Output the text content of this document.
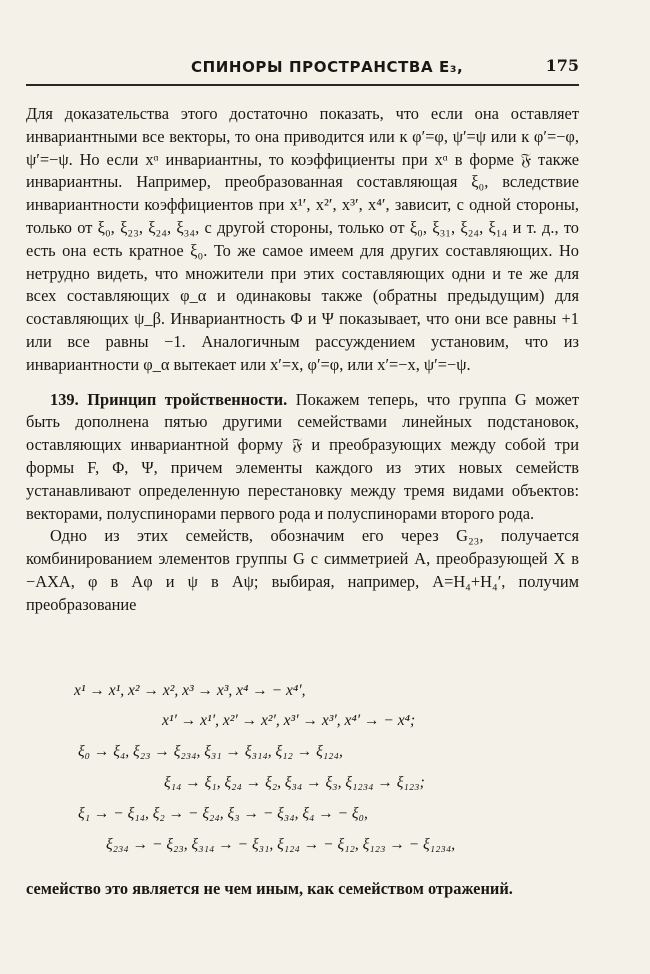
СПИНОРЫ ПРОСТРАНСТВА E₃,	175

Для доказательства этого достаточно показать, что если она оставляет инвариантными все векторы, то она приводится или к φ′=φ, ψ′=ψ или к φ′=−φ, ψ′=−ψ. Но если xᵅ инвариантны, то коэффициенты при xᵅ в форме 𝔉 также инвариантны. Например, преобразованная составляющая ξ₀, вследствие инвариантности коэффициентов при x¹′, x²′, x³′, x⁴′, зависит, с одной стороны, только от ξ₀, ξ₂₃, ξ₂₄, ξ₃₄, с другой стороны, только от ξ₀, ξ₃₁, ξ₂₄, ξ₁₄ и т. д., то есть она есть кратное ξ₀. То же самое имеем для других составляющих. Но нетрудно видеть, что множители при этих составляющих одни и те же для всех составляющих φ_α и одинаковы также (обратны предыдущим) для составляющих ψ_β. Инвариантность Φ и Ψ показывает, что они все равны +1 или все равны −1. Аналогичным рассуждением установим, что из инвариантности φ_α вытекает или x′=x, φ′=φ, или x′=−x, ψ′=−ψ.

139. Принцип тройственности. Покажем теперь, что группа G может быть дополнена пятью другими семействами линейных подстановок, оставляющих инвариантной форму 𝔉 и преобразующих между собой три формы F, Φ, Ψ, причем элементы каждого из этих новых семейств устанавливают определенную перестановку между тремя видами объектов: векторами, полуспинорами первого рода и полуспинорами второго рода.

Одно из этих семейств, обозначим его через G₂₃, получается комбинированием элементов группы G с симметрией A, преобразующей X в −AXA, φ в Aφ и ψ в Aψ; выбирая, например, A=H₄+H₄′, получим преобразование

x¹ → x¹, x² → x², x³ → x³, x⁴ → − x⁴′,
x¹′ → x¹′, x²′ → x²′, x³′ → x³′, x⁴′ → − x⁴;
ξ₀ → ξ₄, ξ₂₃ → ξ₂₃₄, ξ₃₁ → ξ₃₁₄, ξ₁₂ → ξ₁₂₄,
ξ₁₄ → ξ₁, ξ₂₄ → ξ₂, ξ₃₄ → ξ₃, ξ₁₂₃₄ → ξ₁₂₃;
ξ₁ → − ξ₁₄, ξ₂ → − ξ₂₄, ξ₃ → − ξ₃₄, ξ₄ → − ξ₀,
ξ₂₃₄ → − ξ₂₃, ξ₃₁₄ → − ξ₃₁, ξ₁₂₄ → − ξ₁₂, ξ₁₂₃ → − ξ₁₂₃₄,
семейство это является не чем иным, как семейством отражений.
